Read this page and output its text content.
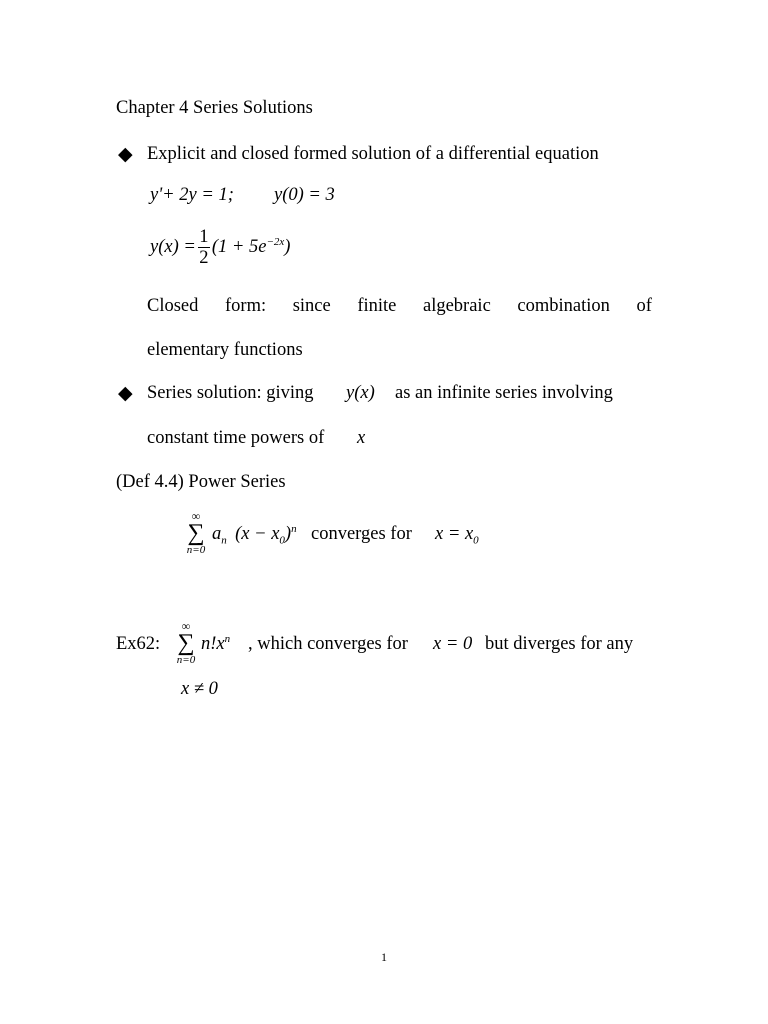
Chapter 4 Series Solutions
◆ Explicit and closed formed solution of a differential equation
y'+ 2y = 1; y(0) = 3
$y(x) = \frac{1}{2} (1 + 5e^{-2x})$
Closed form: since finite algebraic combination of
elementary functions
◆ Series solution: giving y(x) as an infinite series involving
constant time powers of x
(Def 4.4) Power Series
∞
∑
n=0
$a_n$   $(x - x_0)^n$ converges for $x = x_0$
Ex62:
∞
∑
n=0
$n!x^n$ , which converges for x = 0 but diverges for any
x ≠ 0
1
